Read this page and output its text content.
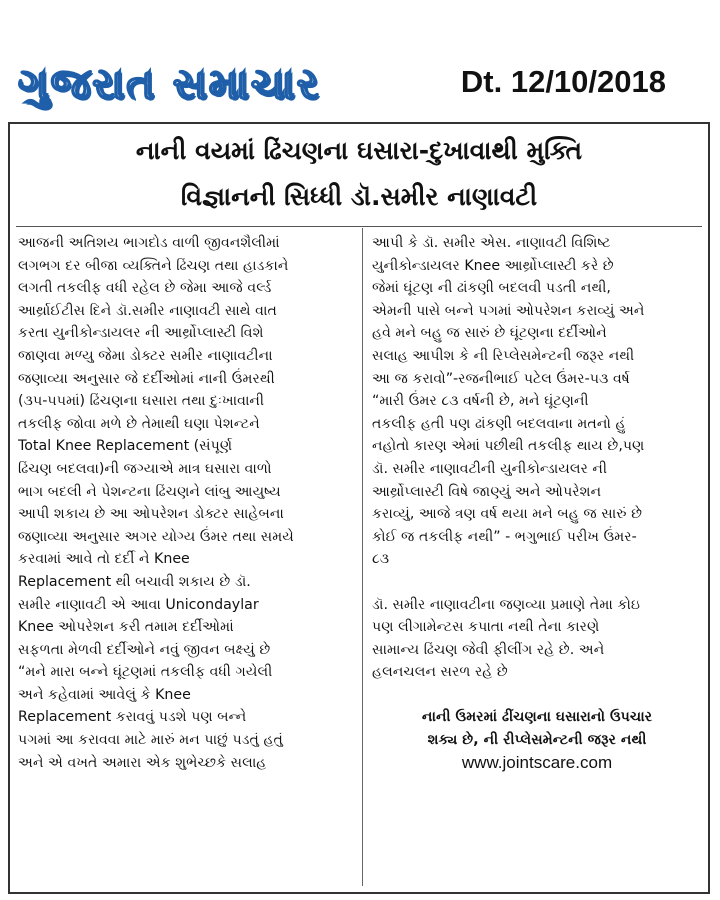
ગુજરાત સમાચાર	Dt. 12/10/2018
નાની વયમાં ઢિંચણના ઘસારા-દુખાવાથી મુક્તિ
વિજ્ઞાનની સિધ્ધી ડૉ.સમીર નાણાવટી

આજની અતિશય ભાગદોડ વાળી જીવનશૈલીમાં

લગભગ દર બીજા વ્યક્તિને ઢિંચણ તથા હાડકાને

લગતી તકલીફ વધી રહેલ છે જેમા આજે વર્લ્ડ

આર્થ્રાઈટીસ દિને ડૉ.સમીર નાણાવટી સાથે વાત

કરતા યુનીકોન્ડાયલર ની આર્થ્રોપ્લાસ્ટી વિશે

જાણવા મળ્યુ જેમા ડોક્ટર સમીર નાણાવટીના

જણાવ્યા અનુસાર જે દર્દીઓમાં નાની ઉંમરથી

(૩૫-૫૫માં) ઢિંચણના ઘસારા તથા દુઃખાવાની

તકલીફ જોવા મળે છે તેમાથી ઘણા પેશન્ટને

Total Knee Replacement (સંપૂર્ણ

ઢિંચણ બદલવા)ની જગ્યાએ માત્ર ઘસારા વાળો

ભાગ બદલી ને પેશન્ટના ઢિંચણને લાંબુ આયુષ્ય

આપી શકાય છે આ ઓપરેશન ડોક્ટર સાહેબના

જણાવ્યા અનુસાર અગર યોગ્ય ઉંમર તથા સમયે

કરવામાં આવે તો દર્દી ને Knee

Replacement થી બચાવી શકાય છે ડૉ.

સમીર નાણાવટી એ આવા Unicondaylar

Knee ઓપરેશન કરી તમામ દર્દીઓમાં

સફળતા મેળવી દર્દીઓને નવું જીવન બક્ષ્યું છે

“મને મારા બન્ને ઘૂંટણમાં તકલીફ વધી ગયેલી

અને કહેવામાં આવેલું કે Knee

Replacement કરાવવું પડશે પણ બન્ને

પગમાં આ કરાવવા માટે મારું મન પાછું પડતું હતું

અને એ વખતે અમારા એક શુભેચ્છકે સલાહ

આપી કે ડૉ. સમીર એસ. નાણાવટી વિશિષ્ટ

યુનીકોન્ડાયલર Knee આર્થ્રોપ્લાસ્ટી કરે છે

જેમાં ઘૂંટણ ની ઢાંકણી બદલવી પડતી નથી,

એમની પાસે બન્ને પગમાં ઓપરેશન કરાવ્યું અને

હવે મને બહુ જ સારું છે ઘૂંટણના દર્દીઓને

સલાહ આપીશ કે ની રિપ્લેસમેન્ટની જરૂર નથી

આ જ કરાવો”-રજનીભાઈ પટેલ ઉંમર-૫૩ વર્ષ

“મારી ઉંમર ૮૩ વર્ષની છે, મને ઘૂંટણની

તકલીફ હતી પણ ઢાંકણી બદલવાના મતનો હું

નહોતો કારણ એમાં પછીથી તકલીફ થાય છે,પણ

ડૉ. સમીર નાણાવટીની યુનીકોન્ડાયલર ની

આર્થ્રોપ્લાસ્ટી વિષે જાણ્યું અને ઓપરેશન

કરાવ્યું, આજે ત્રણ વર્ષ થયા મને બહુ જ સારું છે

કોઈ જ તકલીફ નથી” - ભગુભાઈ પરીખ ઉંમર-

૮૩

ડૉ. સમીર નાણાવટીના જણવ્યા પ્રમાણે તેમા કોઇ

પણ લીગામેન્ટસ કપાતા નથી તેના કારણે

સામાન્ય ઢિંચણ જેવી ફીલીંગ રહે છે. અને

હલનચલન સરળ રહે છે

નાની ઉમરમાં ઢીંચણના ઘસારાનો ઉપચાર

શક્ય છે, ની રીપ્લેસમેન્ટની જરૂર નથી

www.jointscare.com
